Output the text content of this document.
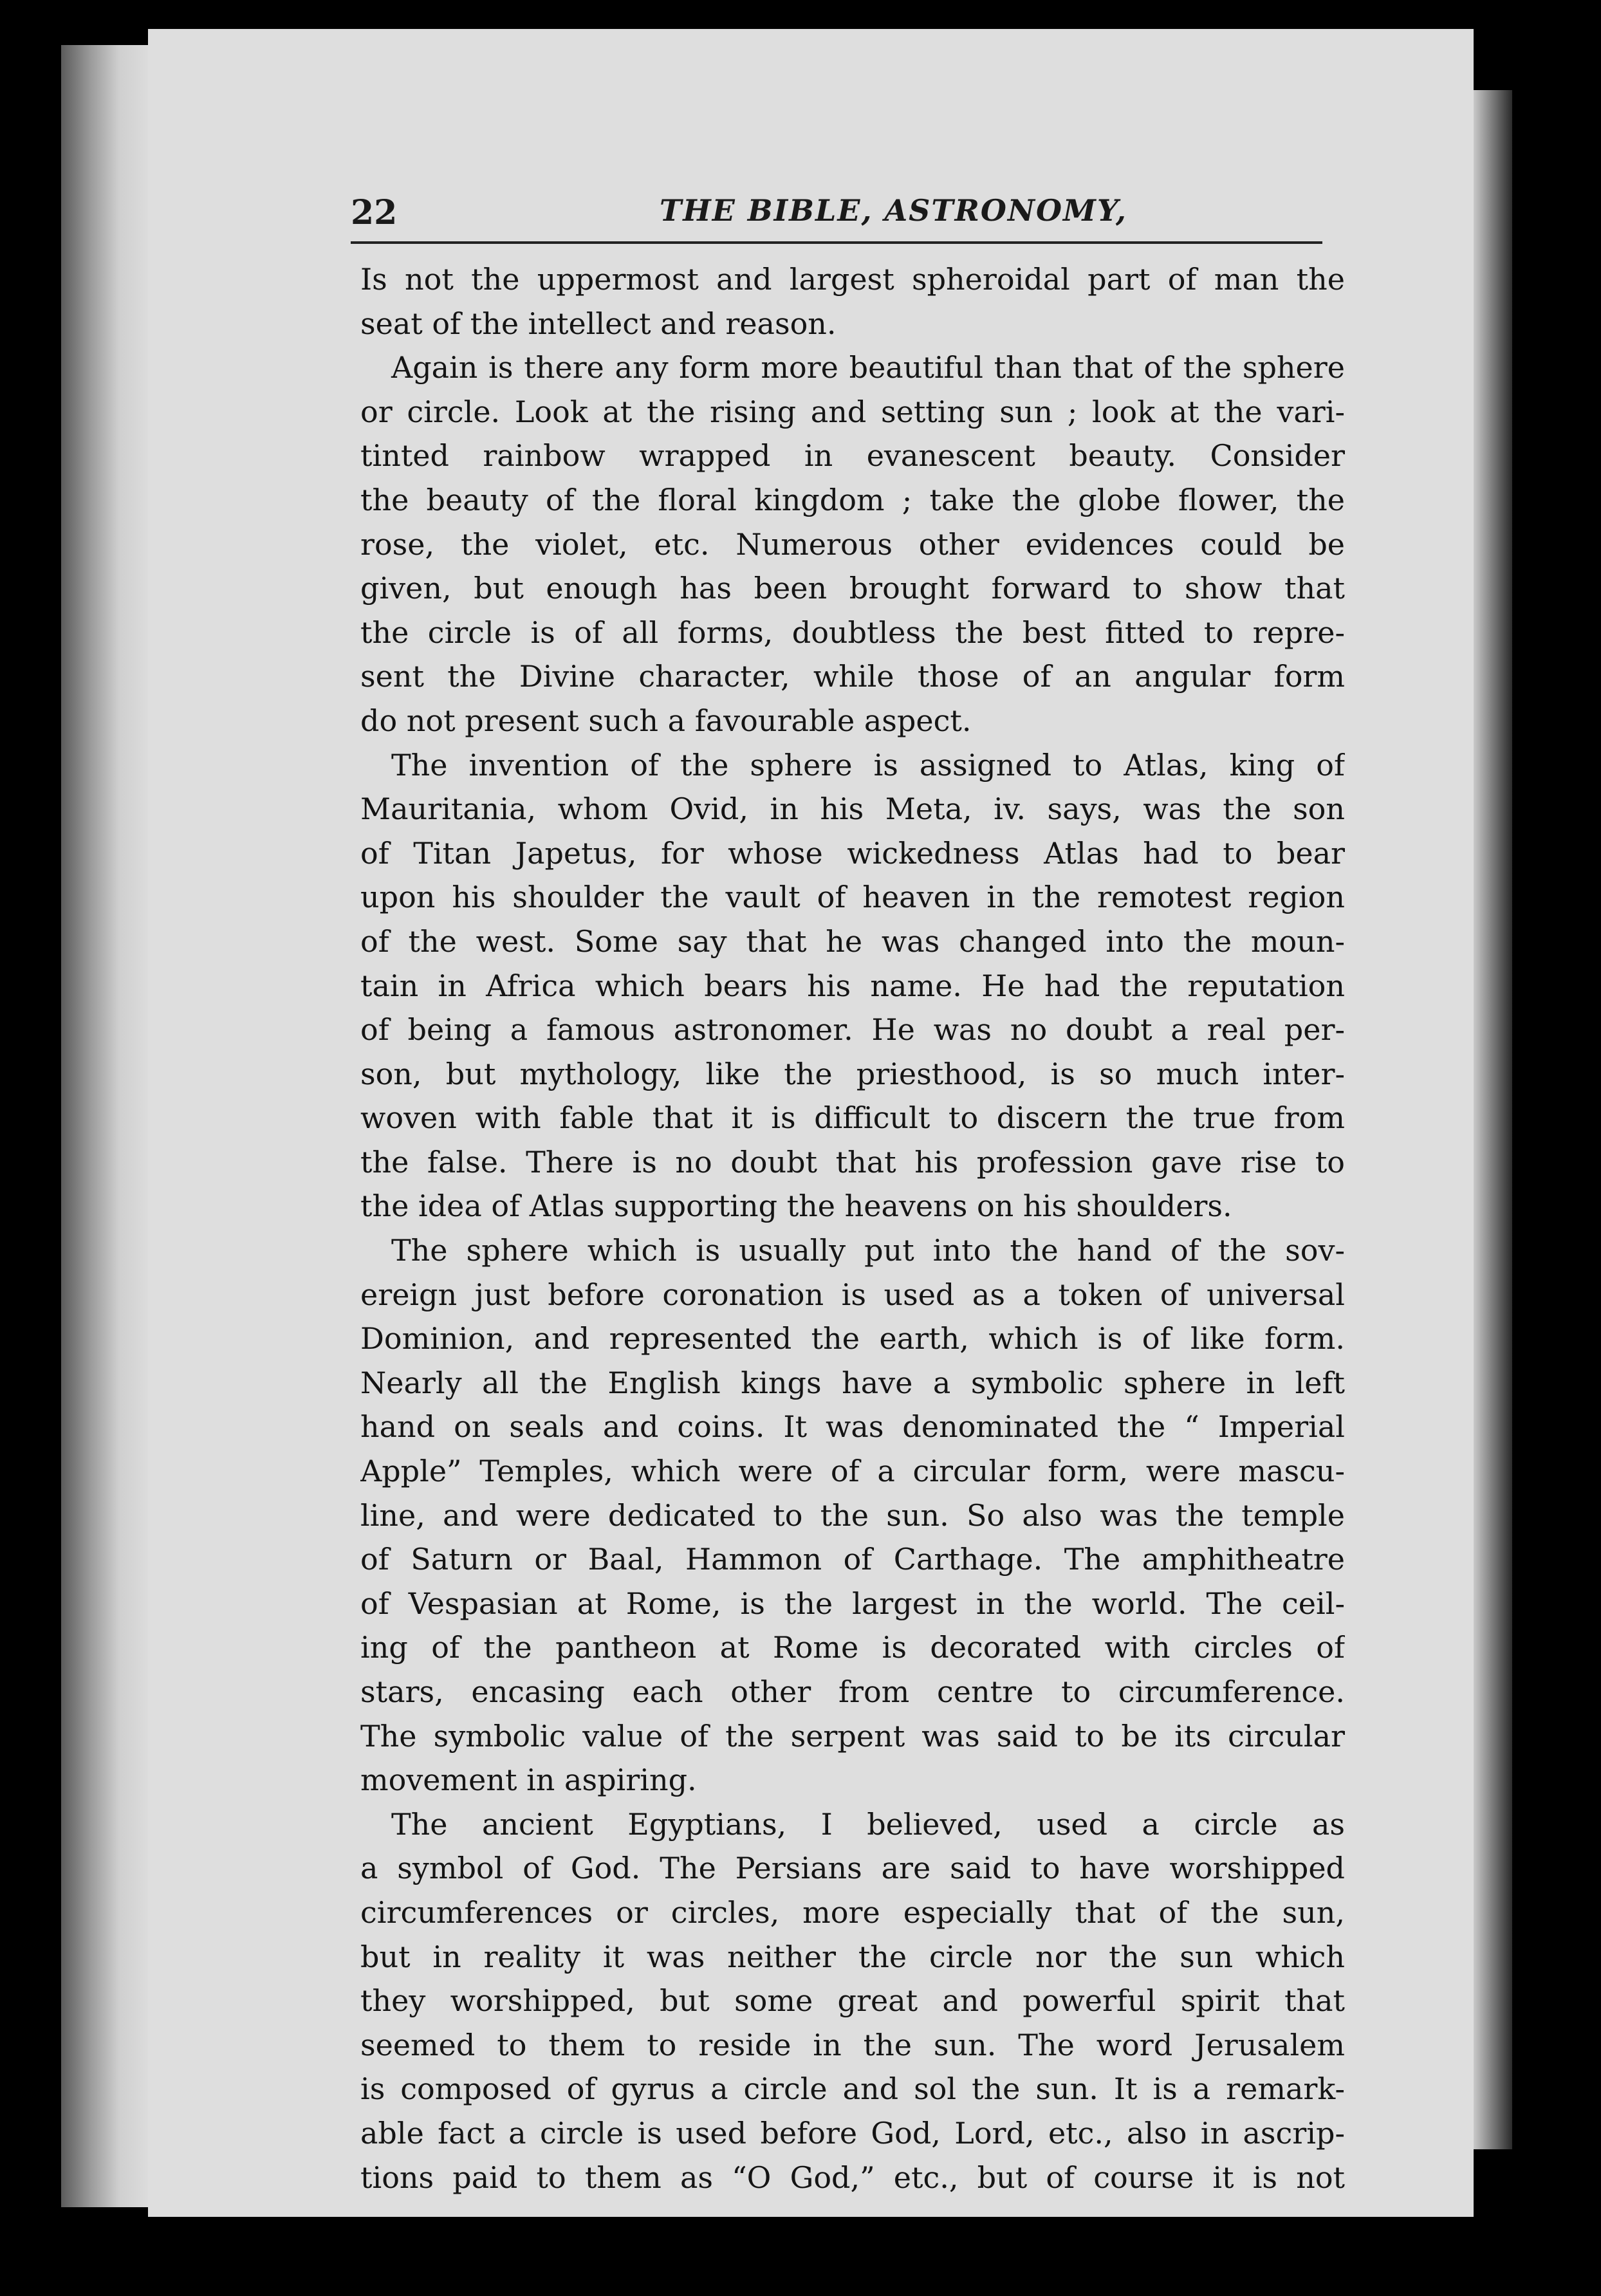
22	THE BIBLE, ASTRONOMY,
Is not the uppermost and largest spheroidal part of man the
seat of the intellect and reason.
Again is there any form more beautiful than that of the sphere
or circle. Look at the rising and setting sun ; look at the vari-
tinted rainbow wrapped in evanescent beauty. Consider
the beauty of the floral kingdom ; take the globe flower, the
rose, the violet, etc. Numerous other evidences could be
given, but enough has been brought forward to show that
the circle is of all forms, doubtless the best fitted to repre-
sent the Divine character, while those of an angular form
do not present such a favourable aspect.
The invention of the sphere is assigned to Atlas, king of
Mauritania, whom Ovid, in his Meta, iv. says, was the son
of Titan Japetus, for whose wickedness Atlas had to bear
upon his shoulder the vault of heaven in the remotest region
of the west. Some say that he was changed into the moun-
tain in Africa which bears his name. He had the reputation
of being a famous astronomer. He was no doubt a real per-
son, but mythology, like the priesthood, is so much inter-
woven with fable that it is difficult to discern the true from
the false. There is no doubt that his profession gave rise to
the idea of Atlas supporting the heavens on his shoulders.
The sphere which is usually put into the hand of the sov-
ereign just before coronation is used as a token of universal
Dominion, and represented the earth, which is of like form.
Nearly all the English kings have a symbolic sphere in left
hand on seals and coins. It was denominated the “ Imperial
Apple” Temples, which were of a circular form, were mascu-
line, and were dedicated to the sun. So also was the temple
of Saturn or Baal, Hammon of Carthage. The amphitheatre
of Vespasian at Rome, is the largest in the world. The ceil-
ing of the pantheon at Rome is decorated with circles of
stars, encasing each other from centre to circumference.
The symbolic value of the serpent was said to be its circular
movement in aspiring.
The ancient Egyptians, I believed, used a circle as
a symbol of God. The Persians are said to have worshipped
circumferences or circles, more especially that of the sun,
but in reality it was neither the circle nor the sun which
they worshipped, but some great and powerful spirit that
seemed to them to reside in the sun. The word Jerusalem
is composed of gyrus a circle and sol the sun. It is a remark-
able fact a circle is used before God, Lord, etc., also in ascrip-
tions paid to them as “O God,” etc., but of course it is not
